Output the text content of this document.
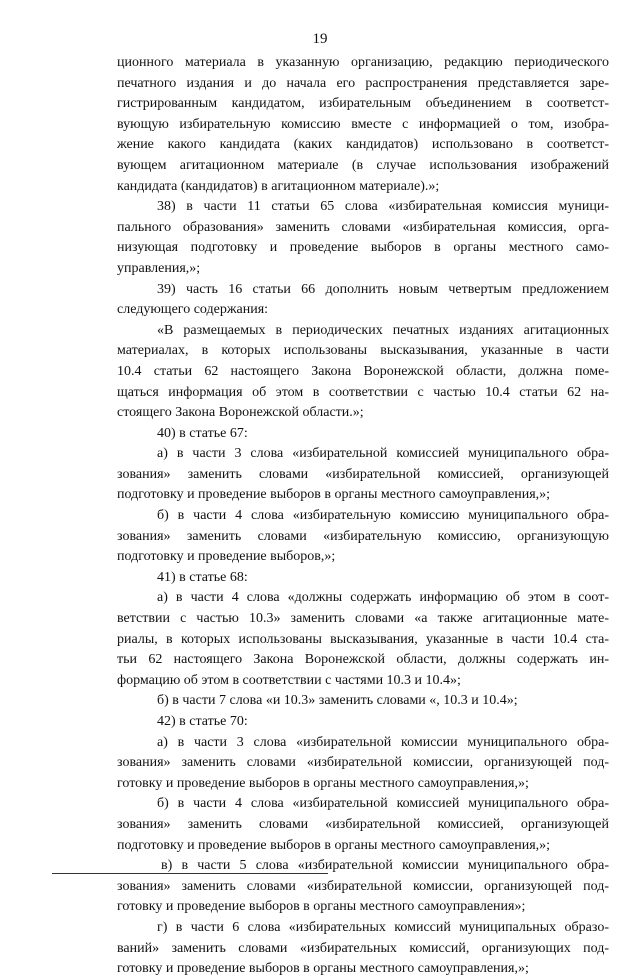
19
ционного материала в указанную организацию, редакцию периодического
печатного издания и до начала его распространения представляется заре-
гистрированным кандидатом, избирательным объединением в соответст-
вующую избирательную комиссию вместе с информацией о том, изобра-
жение какого кандидата (каких кандидатов) использовано в соответст-
вующем агитационном материале (в случае использования изображений
кандидата (кандидатов) в агитационном материале).»;
38) в части 11 статьи 65 слова «избирательная комиссия муници-
пального образования» заменить словами «избирательная комиссия, орга-
низующая подготовку и проведение выборов в органы местного само-
управления,»;
39) часть 16 статьи 66 дополнить новым четвертым предложением
следующего содержания:
«В размещаемых в периодических печатных изданиях агитационных
материалах, в которых использованы высказывания, указанные в части
10.4 статьи 62 настоящего Закона Воронежской области, должна поме-
щаться информация об этом в соответствии с частью 10.4 статьи 62 на-
стоящего Закона Воронежской области.»;
40) в статье 67:
а) в части 3 слова «избирательной комиссией муниципального обра-
зования» заменить словами «избирательной комиссией, организующей
подготовку и проведение выборов в органы местного самоуправления,»;
б) в части 4 слова «избирательную комиссию муниципального обра-
зования» заменить словами «избирательную комиссию, организующую
подготовку и проведение выборов,»;
41) в статье 68:
а) в части 4 слова «должны содержать информацию об этом в соот-
ветствии с частью 10.3» заменить словами «а также агитационные мате-
риалы, в которых использованы высказывания, указанные в части 10.4 ста-
тьи 62 настоящего Закона Воронежской области, должны содержать ин-
формацию об этом в соответствии с частями 10.3 и 10.4»;
б) в части 7 слова «и 10.3» заменить словами «, 10.3 и 10.4»;
42) в статье 70:
а) в части 3 слова «избирательной комиссии муниципального обра-
зования» заменить словами «избирательной комиссии, организующей под-
готовку и проведение выборов в органы местного самоуправления,»;
б) в части 4 слова «избирательной комиссией муниципального обра-
зования» заменить словами «избирательной комиссией, организующей
подготовку и проведение выборов в органы местного самоуправления,»;
в) в части 5 слова «избирательной комиссии муниципального обра-
зования» заменить словами «избирательной комиссии, организующей под-
готовку и проведение выборов в органы местного самоуправления»;
г) в части 6 слова «избирательных комиссий муниципальных образо-
ваний» заменить словами «избирательных комиссий, организующих под-
готовку и проведение выборов в органы местного самоуправления,»;
